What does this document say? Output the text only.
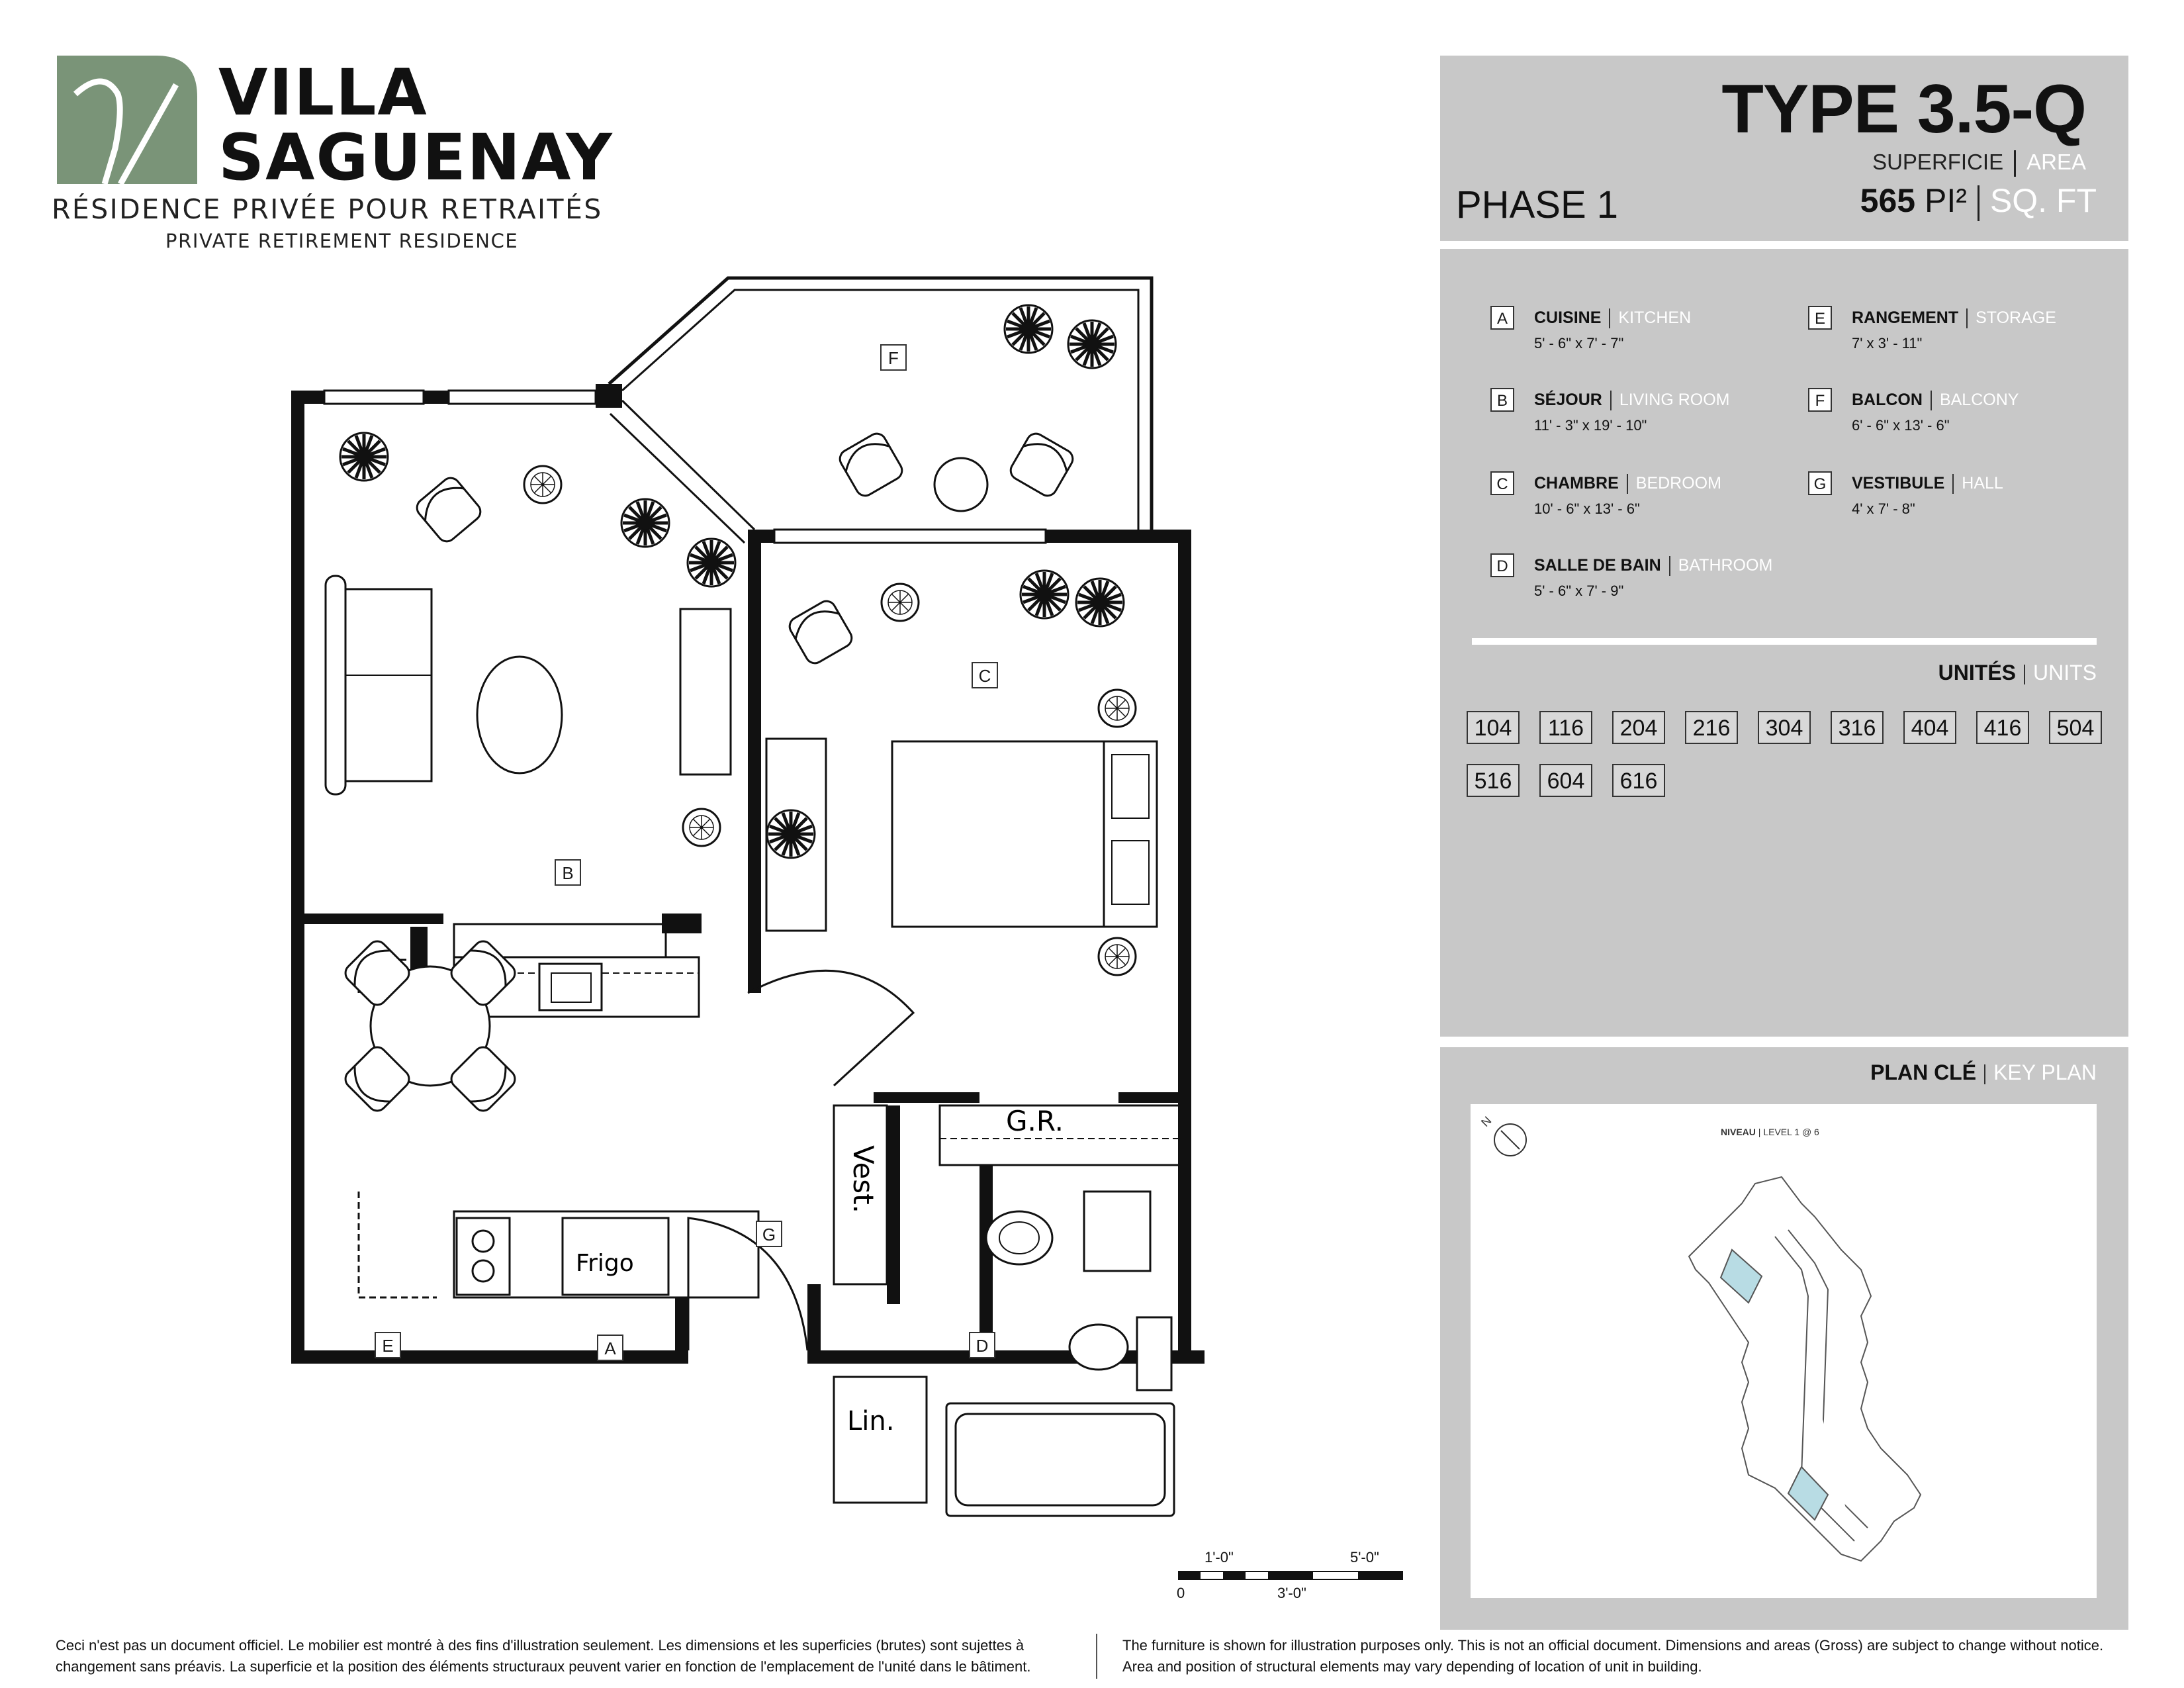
VILLA
SAGUENAY
RÉSIDENCE PRIVÉE POUR RETRAITÉS
PRIVATE RETIREMENT RESIDENCE
TYPE 3.5-Q
SUPERFICIE AREA
PHASE 1	565 PI² SQ. FT
A	CUISINE KITCHEN
5' - 6" x 7' - 7"
B	SÉJOUR LIVING ROOM
11' - 3" x 19' - 10"
C	CHAMBRE BEDROOM
10' - 6" x 13' - 6"
D	SALLE DE BAIN BATHROOM
5' - 6" x 7' - 9"
E	RANGEMENT STORAGE
7' x 3' - 11"
F	BALCON BALCONY
6' - 6" x 13' - 6"
G	VESTIBULE HALL
4' x 7' - 8"
UNITÉS UNITS
104	116	204	216	304	316	404	416	504
516	604	616
PLAN CLÉ KEY PLAN
NIVEAU | LEVEL 1 @ 6
N
G.R.
Vest.
Frigo
Lin.
F
B
C
G
A
E	D
1'-0"	5'-0"
0	3'-0"
Ceci n'est pas un document officiel. Le mobilier est montré à des fins d'illustration seulement. Les dimensions et les superficies (brutes) sont sujettes à
changement sans préavis. La superficie et la position des éléments structuraux peuvent varier en fonction de l'emplacement de l'unité dans le bâtiment.
The furniture is shown for illustration purposes only. This is not an official document. Dimensions and areas (Gross) are subject to change without notice.
Area and position of structural elements may vary depending of location of unit in building.
